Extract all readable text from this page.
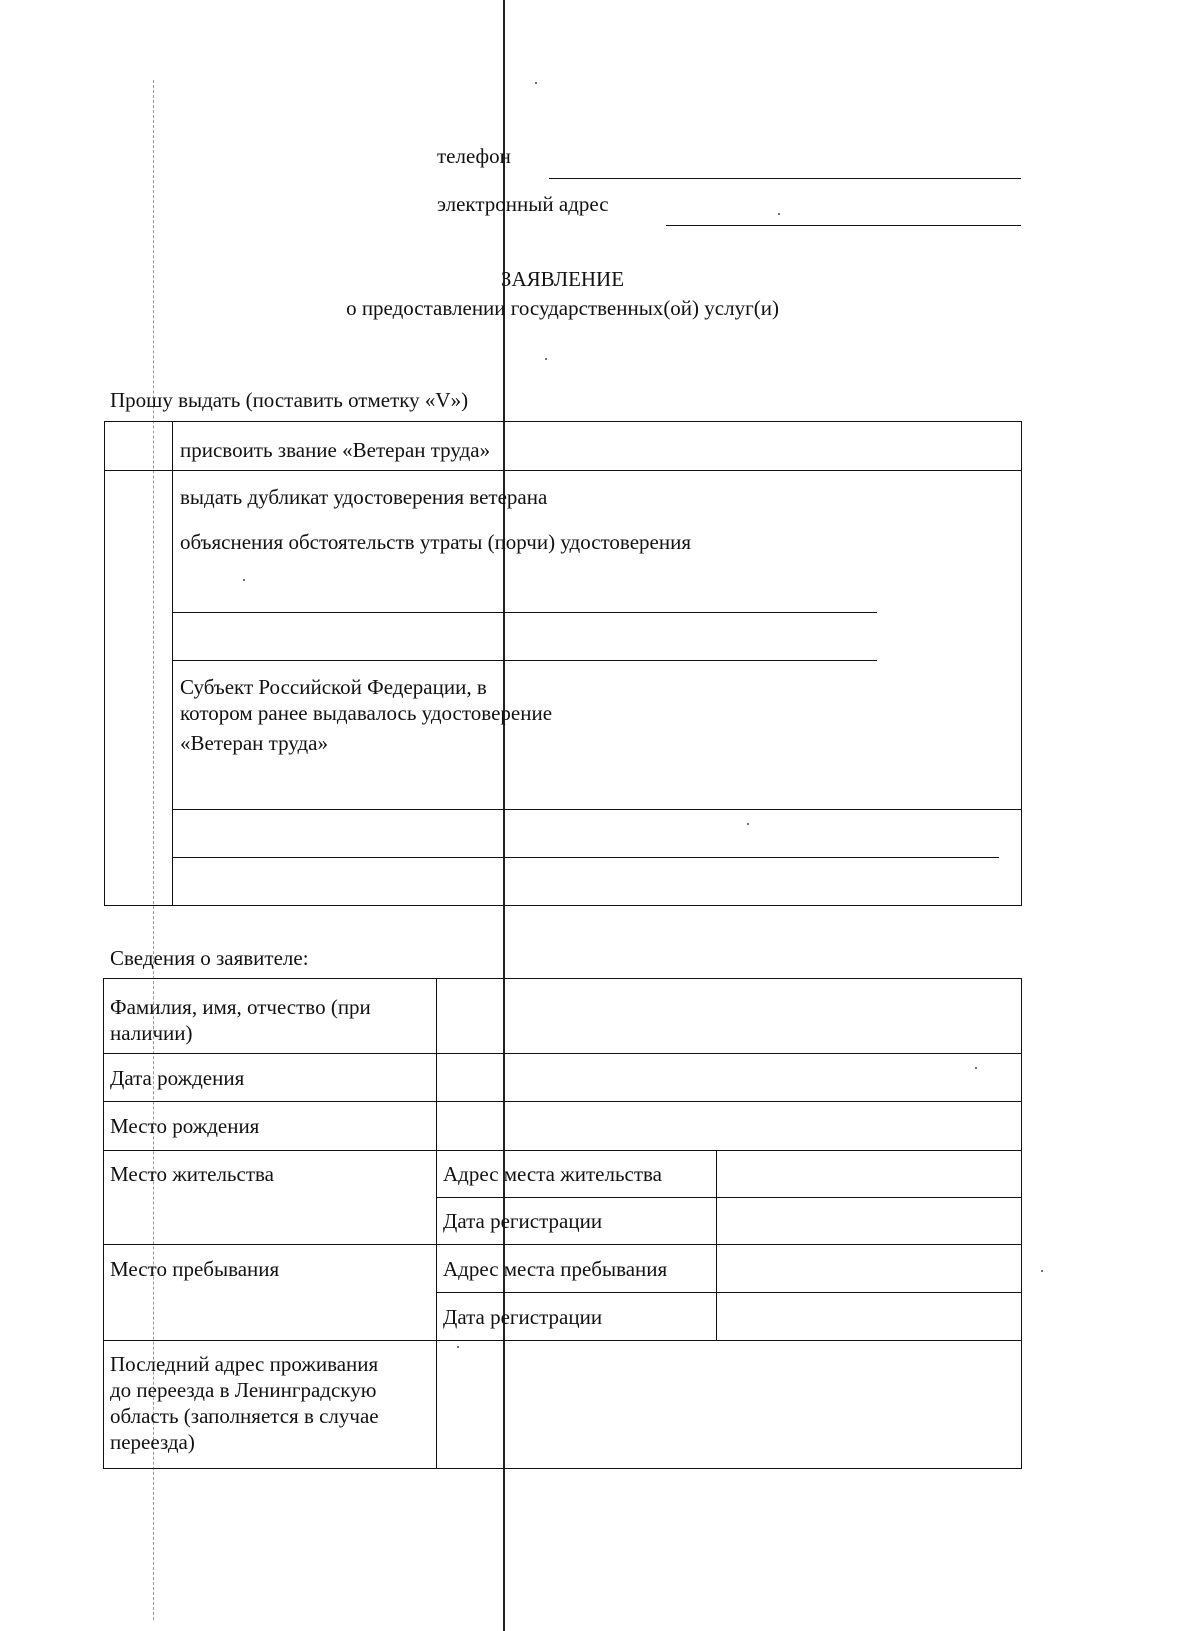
телефон
электронный адрес
ЗАЯВЛЕНИЕ
о предоставлении государственных(ой) услуг(и)
Прошу выдать (поставить отметку «V»)
присвоить звание «Ветеран труда»
выдать дубликат удостоверения ветерана
объяснения обстоятельств утраты (порчи) удостоверения
Субъект Российской Федерации, в
котором ранее выдавалось удостоверение
«Ветеран труда»
Сведения о заявителе:
Фамилия, имя, отчество (при
наличии)
Дата рождения
Место рождения
Место жительства	Адрес места жительства
Дата регистрации
Место пребывания	Адрес места пребывания
Дата регистрации
Последний адрес проживания
до переезда в Ленинградскую
область (заполняется в случае
переезда)
